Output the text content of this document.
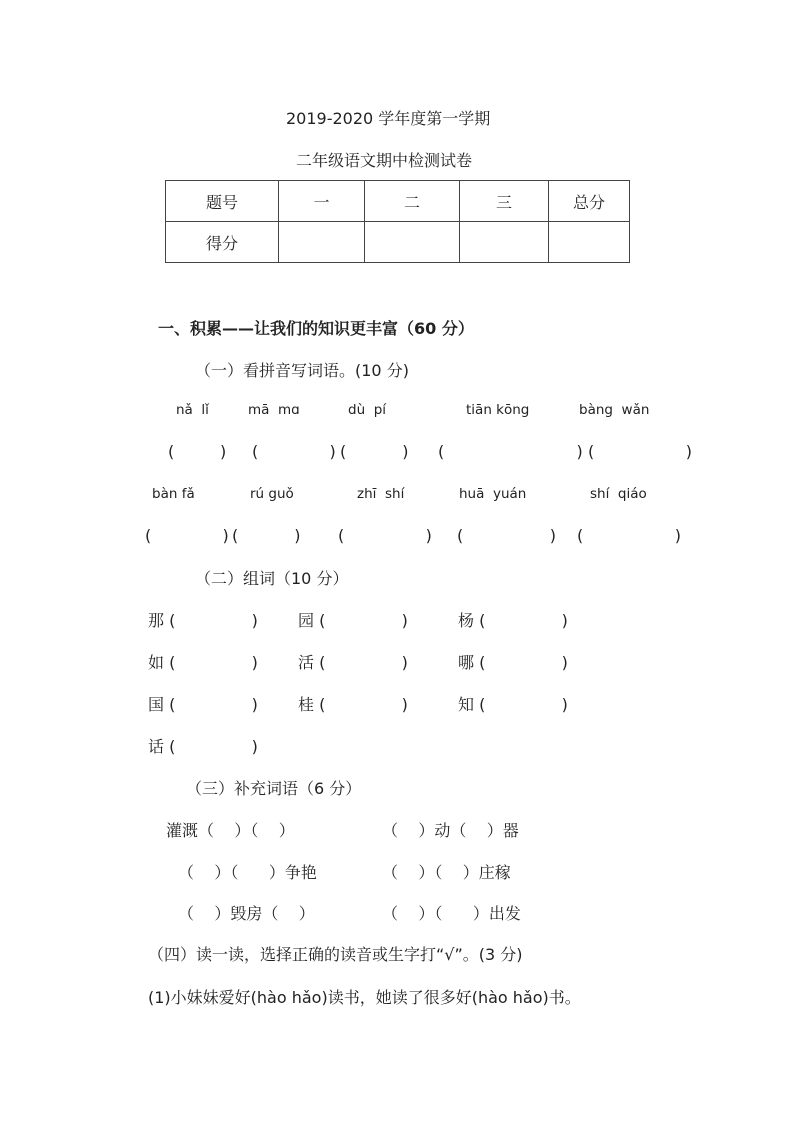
2019-2020 学年度第一学期
二年级语文期中检测试卷
题号	一	二	三	总分
得分				
一、积累——让我们的知识更丰富（60 分）
（一）看拼音写词语。(10 分)
nǎ  lǐ	mā  mɑ	dù  pí	tiān kōng	bàng  wǎn
(         ) (              ) (           ) (                          ) (                  )
bàn fǎ	rú guǒ	zhī  shí	huā  yuán	shí  qiáo
(              ) (           ) (                ) (                 ) (                  )
（二）组词（10 分）
那 (               )	园 (               )	杨 (               )
如 (               )	活 (               )	哪 (               )
国 (               )	桂 (               )	知 (               )
话 (               )
（三）补充词语（6 分）
灌溉（    ）（    ）	（    ）动（    ）器
（    ）（      ）争艳	（    ）（    ）庄稼
（    ）毁房（    ）	（    ）（      ）出发
（四）读一读，选择正确的读音或生字打“√”。(3 分)
(1)小妹妹爱好(hào hǎo)读书，她读了很多好(hào hǎo)书。
